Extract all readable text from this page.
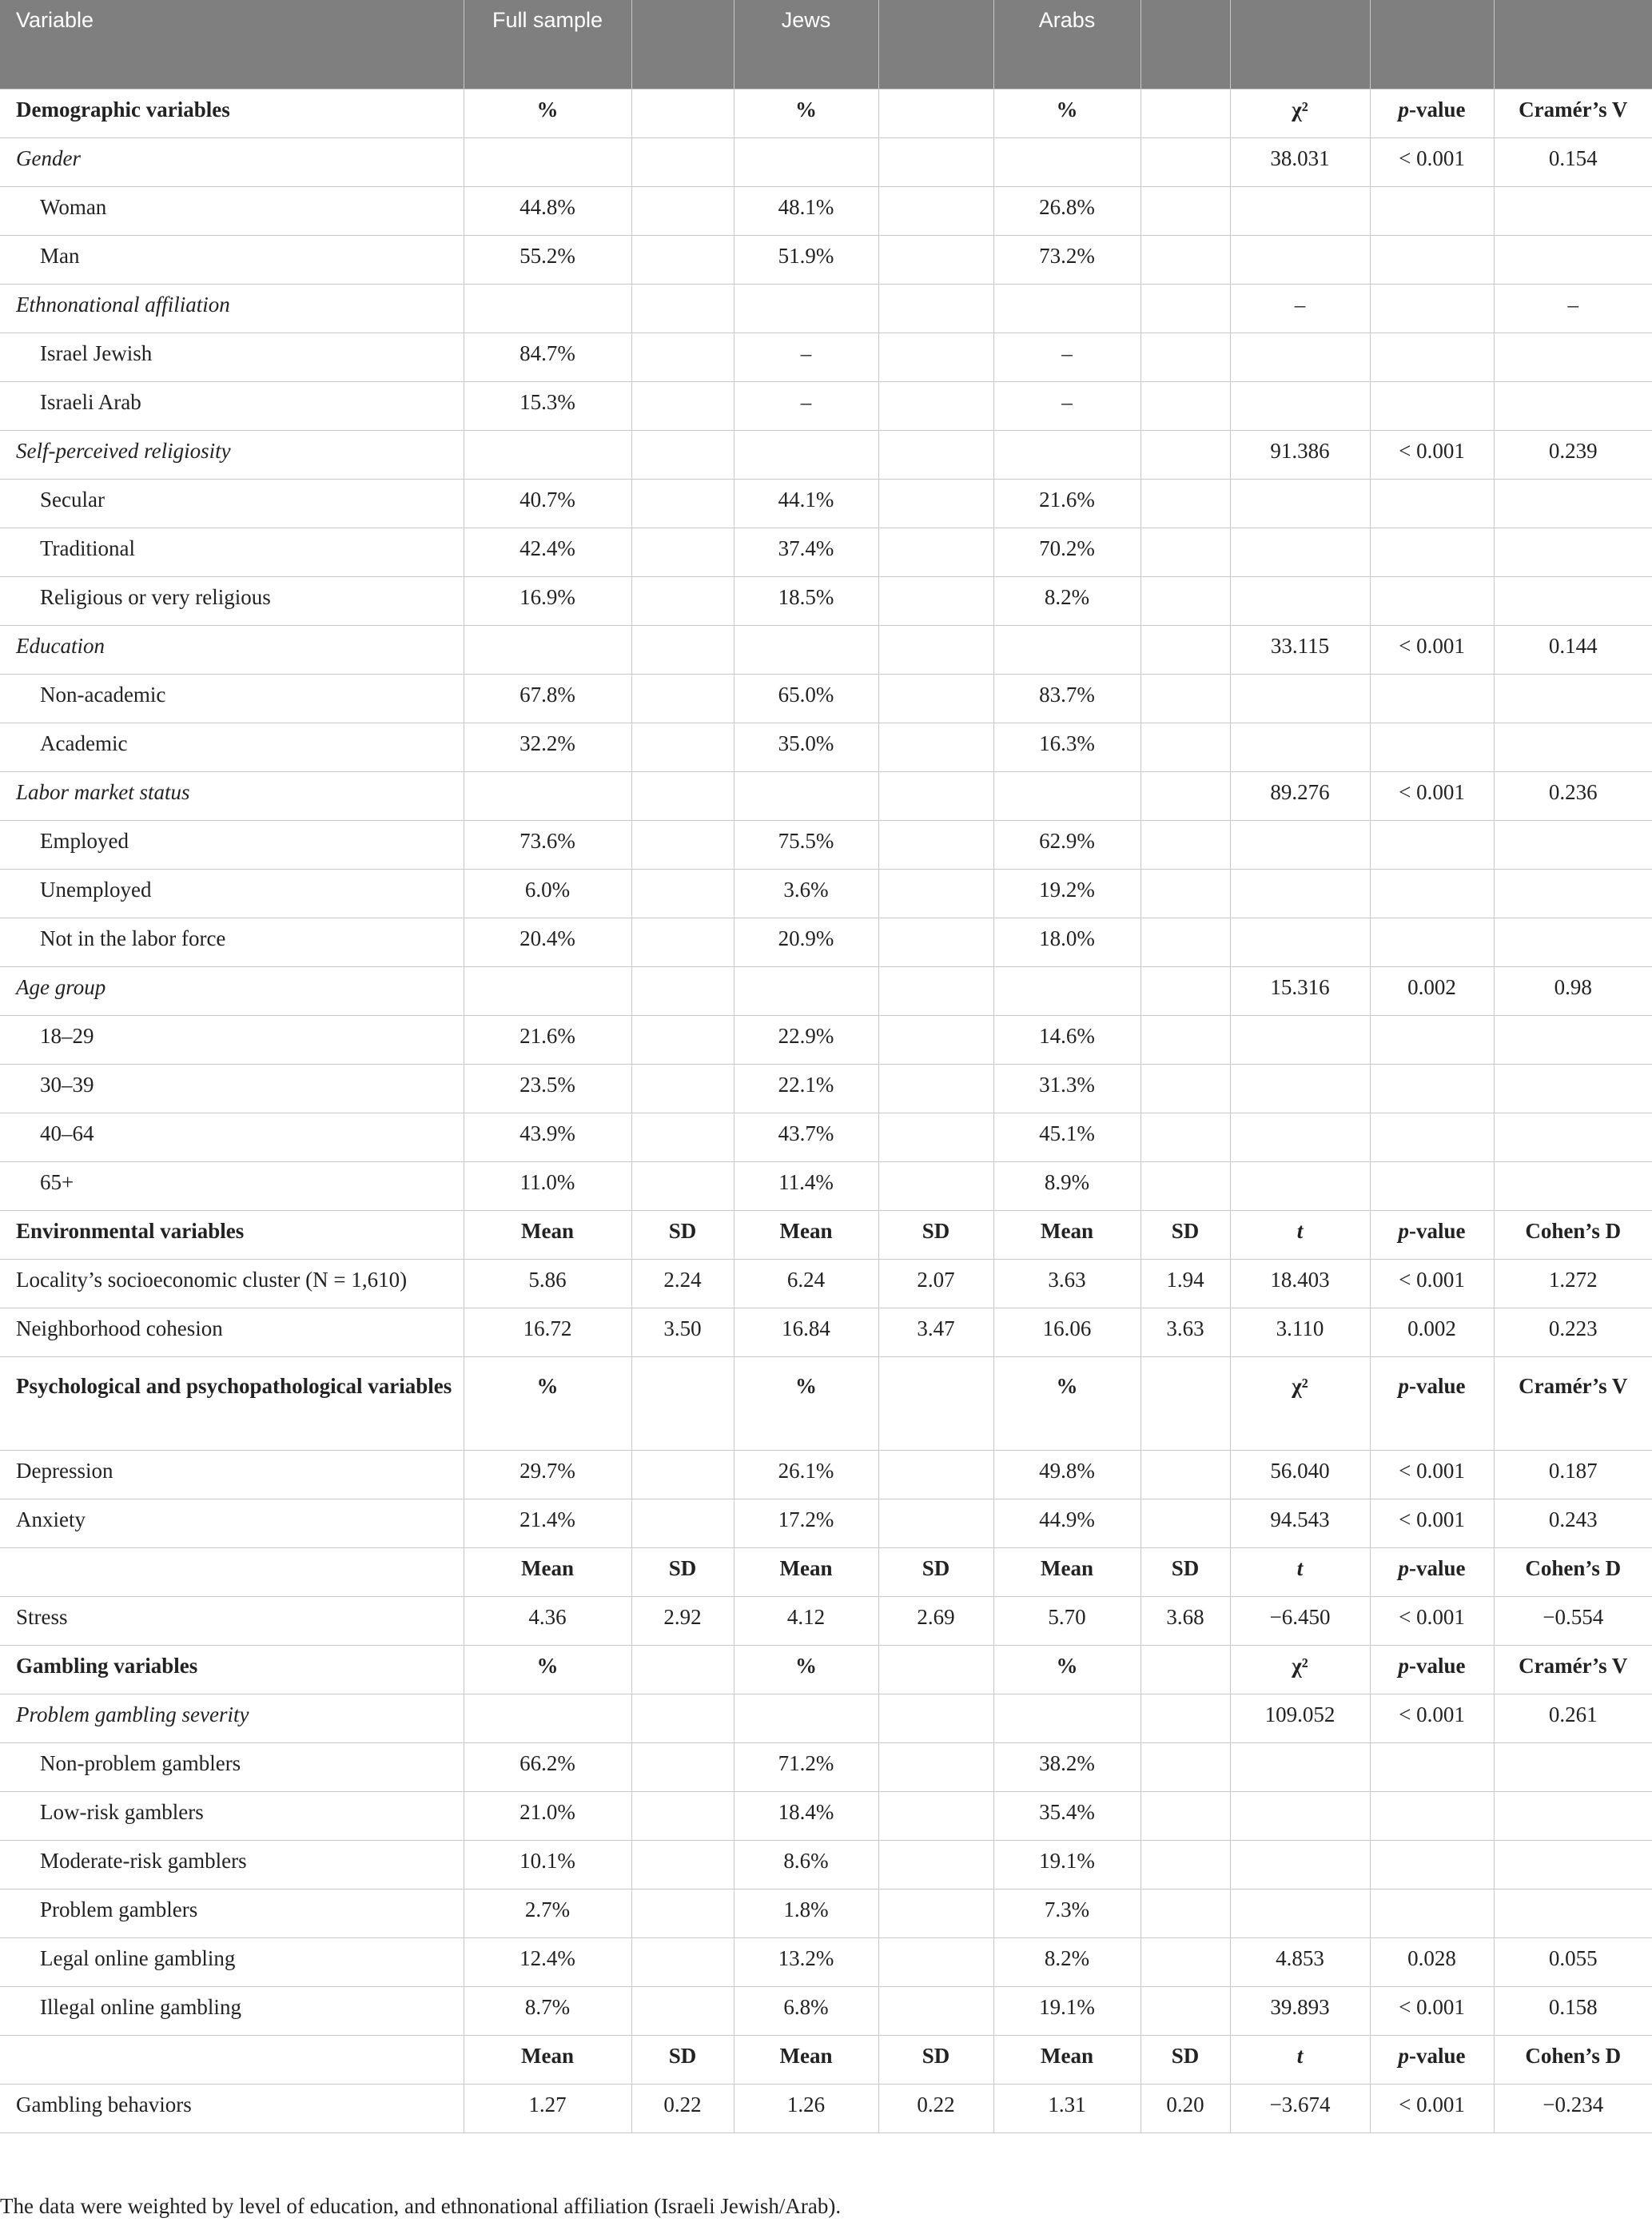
Variable	Full sample		Jews		Arabs				
Demographic variables	%		%		%		χ²	p-value	Cramér’s V
Gender							38.031	< 0.001	0.154
Woman	44.8%		48.1%		26.8%				
Man	55.2%		51.9%		73.2%				
Ethnonational affiliation							–		–
Israel Jewish	84.7%		–		–				
Israeli Arab	15.3%		–		–				
Self-perceived religiosity							91.386	< 0.001	0.239
Secular	40.7%		44.1%		21.6%				
Traditional	42.4%		37.4%		70.2%				
Religious or very religious	16.9%		18.5%		8.2%				
Education							33.115	< 0.001	0.144
Non-academic	67.8%		65.0%		83.7%				
Academic	32.2%		35.0%		16.3%				
Labor market status							89.276	< 0.001	0.236
Employed	73.6%		75.5%		62.9%				
Unemployed	6.0%		3.6%		19.2%				
Not in the labor force	20.4%		20.9%		18.0%				
Age group							15.316	0.002	0.98
18–29	21.6%		22.9%		14.6%				
30–39	23.5%		22.1%		31.3%				
40–64	43.9%		43.7%		45.1%				
65+	11.0%		11.4%		8.9%				
Environmental variables	Mean	SD	Mean	SD	Mean	SD	t	p-value	Cohen’s D
Locality’s socioeconomic cluster (N = 1,610)	5.86	2.24	6.24	2.07	3.63	1.94	18.403	< 0.001	1.272
Neighborhood cohesion	16.72	3.50	16.84	3.47	16.06	3.63	3.110	0.002	0.223
Psychological and psychopathological variables	%		%		%		χ²	p-value	Cramér’s V
Depression	29.7%		26.1%		49.8%		56.040	< 0.001	0.187
Anxiety	21.4%		17.2%		44.9%		94.543	< 0.001	0.243
	Mean	SD	Mean	SD	Mean	SD	t	p-value	Cohen’s D
Stress	4.36	2.92	4.12	2.69	5.70	3.68	−6.450	< 0.001	−0.554
Gambling variables	%		%		%		χ²	p-value	Cramér’s V
Problem gambling severity							109.052	< 0.001	0.261
Non-problem gamblers	66.2%		71.2%		38.2%				
Low-risk gamblers	21.0%		18.4%		35.4%				
Moderate-risk gamblers	10.1%		8.6%		19.1%				
Problem gamblers	2.7%		1.8%		7.3%				
Legal online gambling	12.4%		13.2%		8.2%		4.853	0.028	0.055
Illegal online gambling	8.7%		6.8%		19.1%		39.893	< 0.001	0.158
	Mean	SD	Mean	SD	Mean	SD	t	p-value	Cohen’s D
Gambling behaviors	1.27	0.22	1.26	0.22	1.31	0.20	−3.674	< 0.001	−0.234
The data were weighted by level of education, and ethnonational affiliation (Israeli Jewish/Arab).
